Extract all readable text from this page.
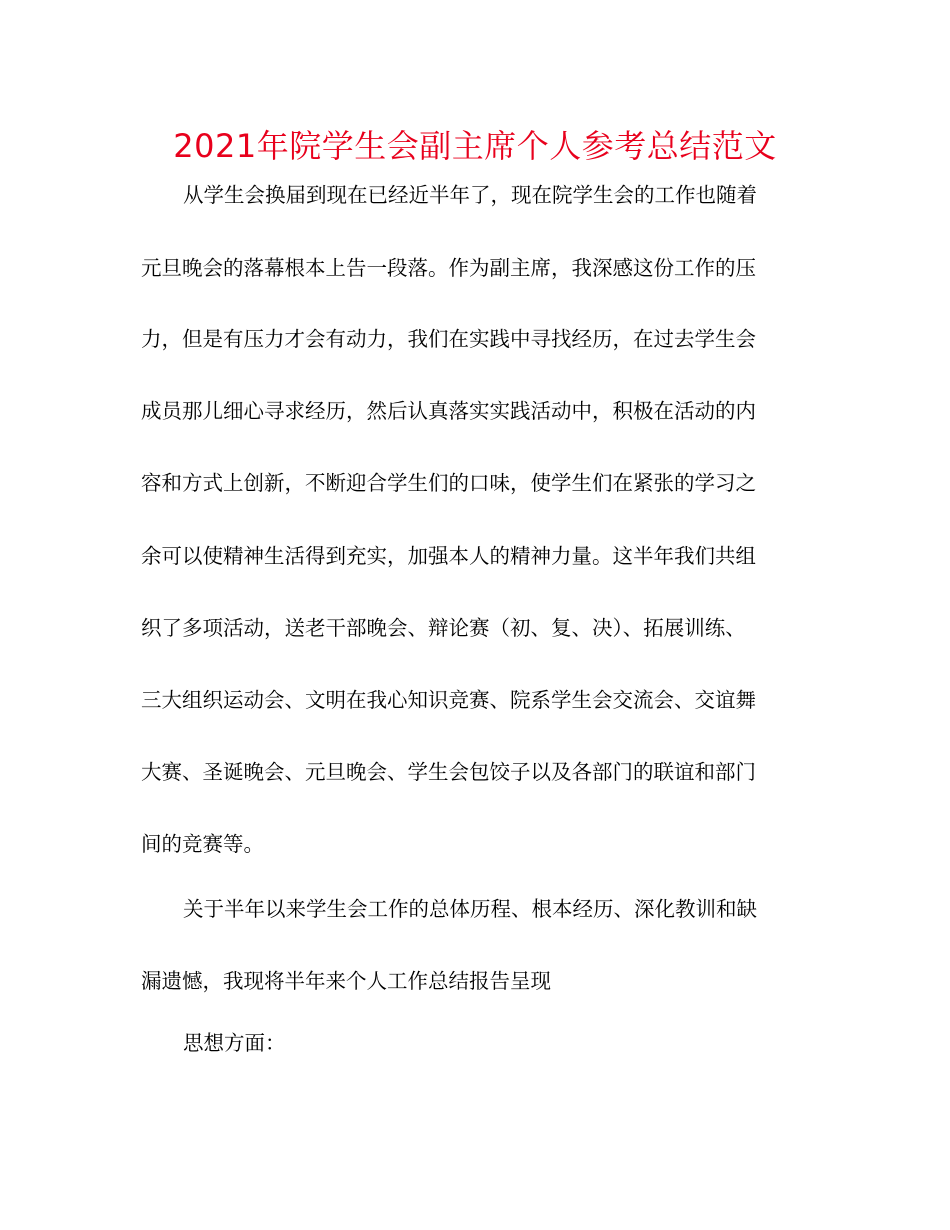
2021年院学生会副主席个人参考总结范文
从学生会换届到现在已经近半年了，现在院学生会的工作也随着
元旦晚会的落幕根本上告一段落。作为副主席，我深感这份工作的压
力，但是有压力才会有动力，我们在实践中寻找经历，在过去学生会
成员那儿细心寻求经历，然后认真落实实践活动中，积极在活动的内
容和方式上创新，不断迎合学生们的口味，使学生们在紧张的学习之
余可以使精神生活得到充实，加强本人的精神力量。这半年我们共组
织了多项活动，送老干部晚会、辩论赛（初、复、决）、拓展训练、
三大组织运动会、文明在我心知识竞赛、院系学生会交流会、交谊舞
大赛、圣诞晚会、元旦晚会、学生会包饺子以及各部门的联谊和部门
间的竞赛等。
关于半年以来学生会工作的总体历程、根本经历、深化教训和缺
漏遗憾，我现将半年来个人工作总结报告呈现
思想方面：
